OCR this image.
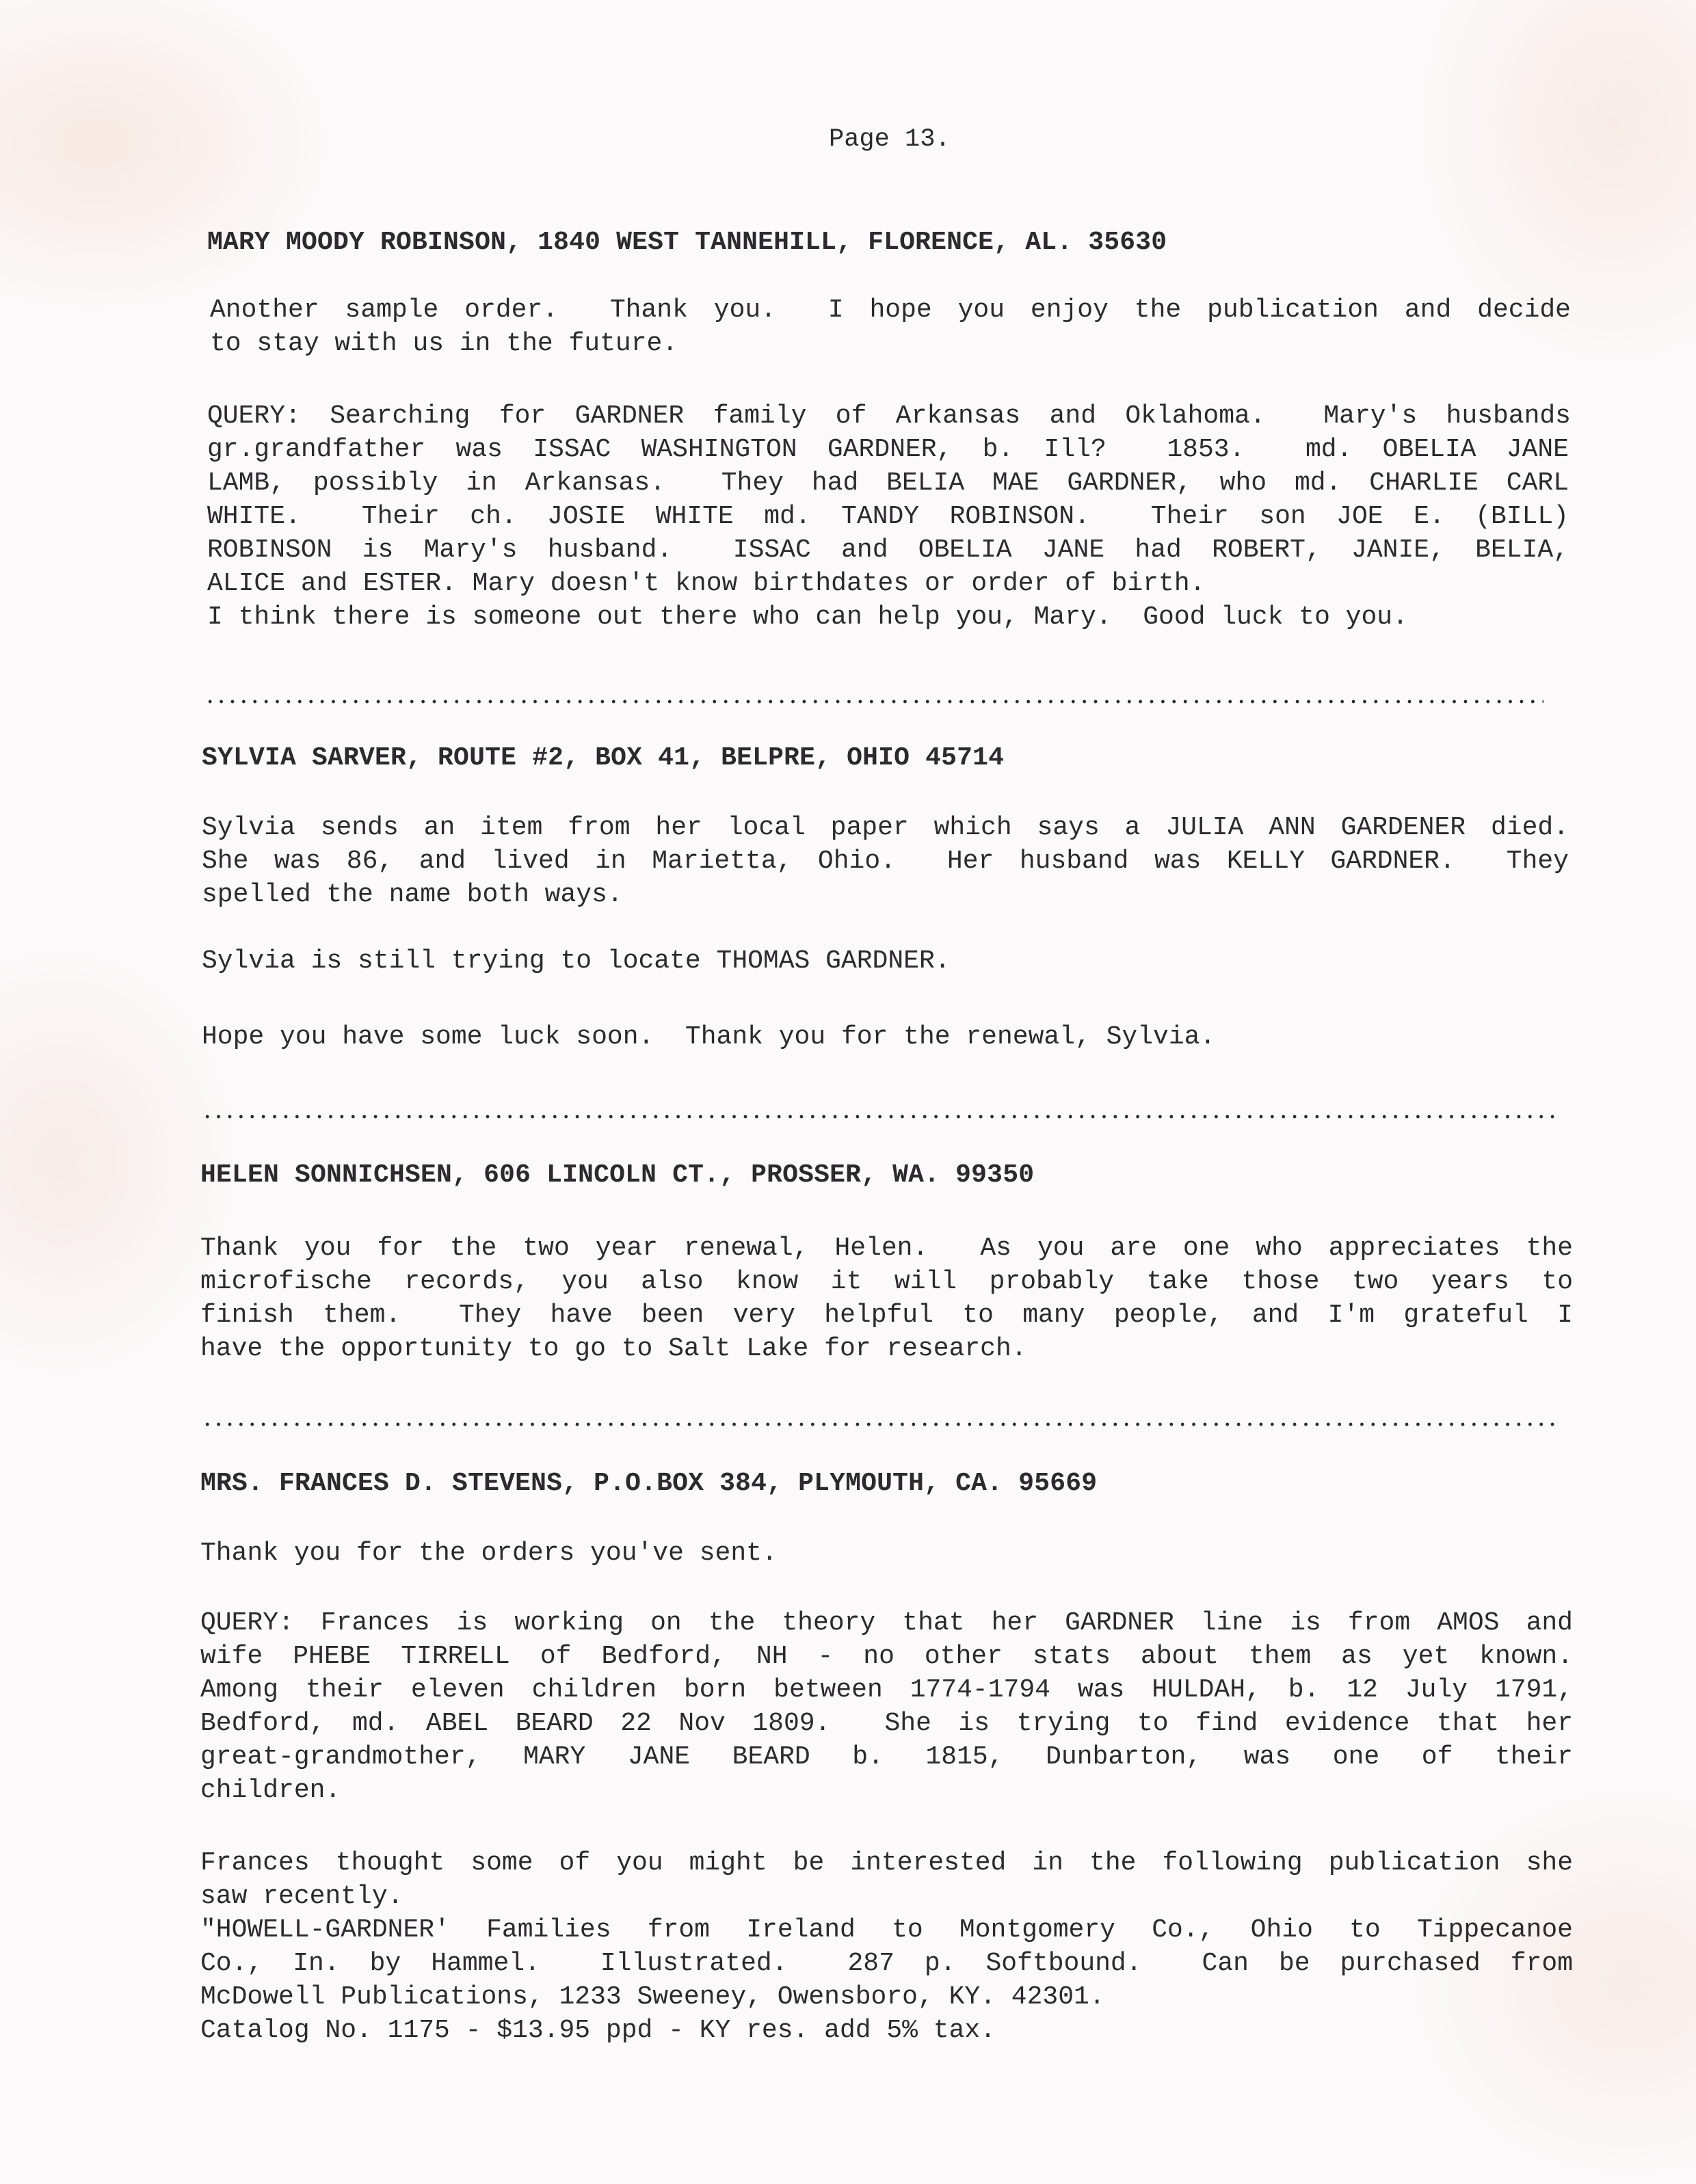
Page 13.

MARY MOODY ROBINSON, 1840 WEST TANNEHILL, FLORENCE, AL. 35630

Another sample order.  Thank you.  I hope you enjoy the publication and decide

to stay with us in the future.

QUERY: Searching for GARDNER family of Arkansas and Oklahoma.  Mary's husbands

gr.grandfather was ISSAC WASHINGTON GARDNER, b. Ill?  1853.  md. OBELIA JANE

LAMB, possibly in Arkansas.  They had BELIA MAE GARDNER, who md. CHARLIE CARL

WHITE.  Their ch. JOSIE WHITE md. TANDY ROBINSON.  Their son JOE E. (BILL)

ROBINSON is Mary's husband.  ISSAC and OBELIA JANE had ROBERT, JANIE, BELIA,

ALICE and ESTER. Mary doesn't know birthdates or order of birth.

I think there is someone out there who can help you, Mary.  Good luck to you.

SYLVIA SARVER, ROUTE #2, BOX 41, BELPRE, OHIO 45714

Sylvia sends an item from her local paper which says a JULIA ANN GARDENER died.

She was 86, and lived in Marietta, Ohio.  Her husband was KELLY GARDNER.  They

spelled the name both ways.

Sylvia is still trying to locate THOMAS GARDNER.

Hope you have some luck soon.  Thank you for the renewal, Sylvia.

HELEN SONNICHSEN, 606 LINCOLN CT., PROSSER, WA. 99350

Thank you for the two year renewal, Helen.  As you are one who appreciates the

microfische records, you also know it will probably take those two years to

finish them.  They have been very helpful to many people, and I'm grateful I

have the opportunity to go to Salt Lake for research.

MRS. FRANCES D. STEVENS, P.O.BOX 384, PLYMOUTH, CA. 95669

Thank you for the orders you've sent.

QUERY: Frances is working on the theory that her GARDNER line is from AMOS and

wife PHEBE TIRRELL of Bedford, NH - no other stats about them as yet known.

Among their eleven children born between 1774-1794 was HULDAH, b. 12 July 1791,

Bedford, md. ABEL BEARD 22 Nov 1809.  She is trying to find evidence that her

great-grandmother, MARY JANE BEARD b. 1815, Dunbarton, was one of their

children.

Frances thought some of you might be interested in the following publication she

saw recently.

"HOWELL-GARDNER' Families from Ireland to Montgomery Co., Ohio to Tippecanoe

Co., In. by Hammel.  Illustrated.  287 p. Softbound.  Can be purchased from

McDowell Publications, 1233 Sweeney, Owensboro, KY. 42301.

Catalog No. 1175 - $13.95 ppd - KY res. add 5% tax.
